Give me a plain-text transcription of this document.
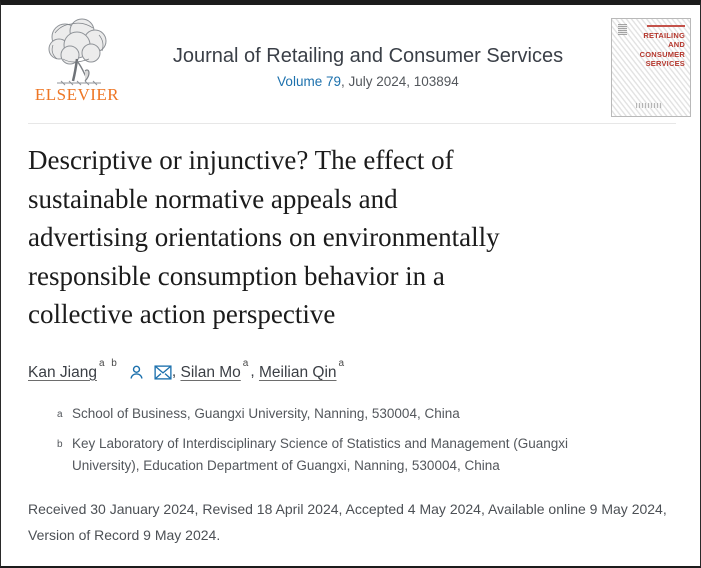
ELSEVIER
Journal of Retailing and Consumer Services
Volume 79, July 2024, 103894
RETAILING
AND
CONSUMER
SERVICES
Descriptive or injunctive? The effect of
sustainable normative appeals and
advertising orientations on environmentally
responsible consumption behavior in a
collective action perspective
Kan Jiang$^{a b}$
, Silan Mo$^a$
, Meilian Qin$^a$
a School of Business, Guangxi University, Nanning, 530004, China
b Key Laboratory of Interdisciplinary Science of Statistics and Management (Guangxi University), Education Department of Guangxi, Nanning, 530004, China

Received 30 January 2024, Revised 18 April 2024, Accepted 4 May 2024, Available online 9 May 2024, Version of Record 9 May 2024.
